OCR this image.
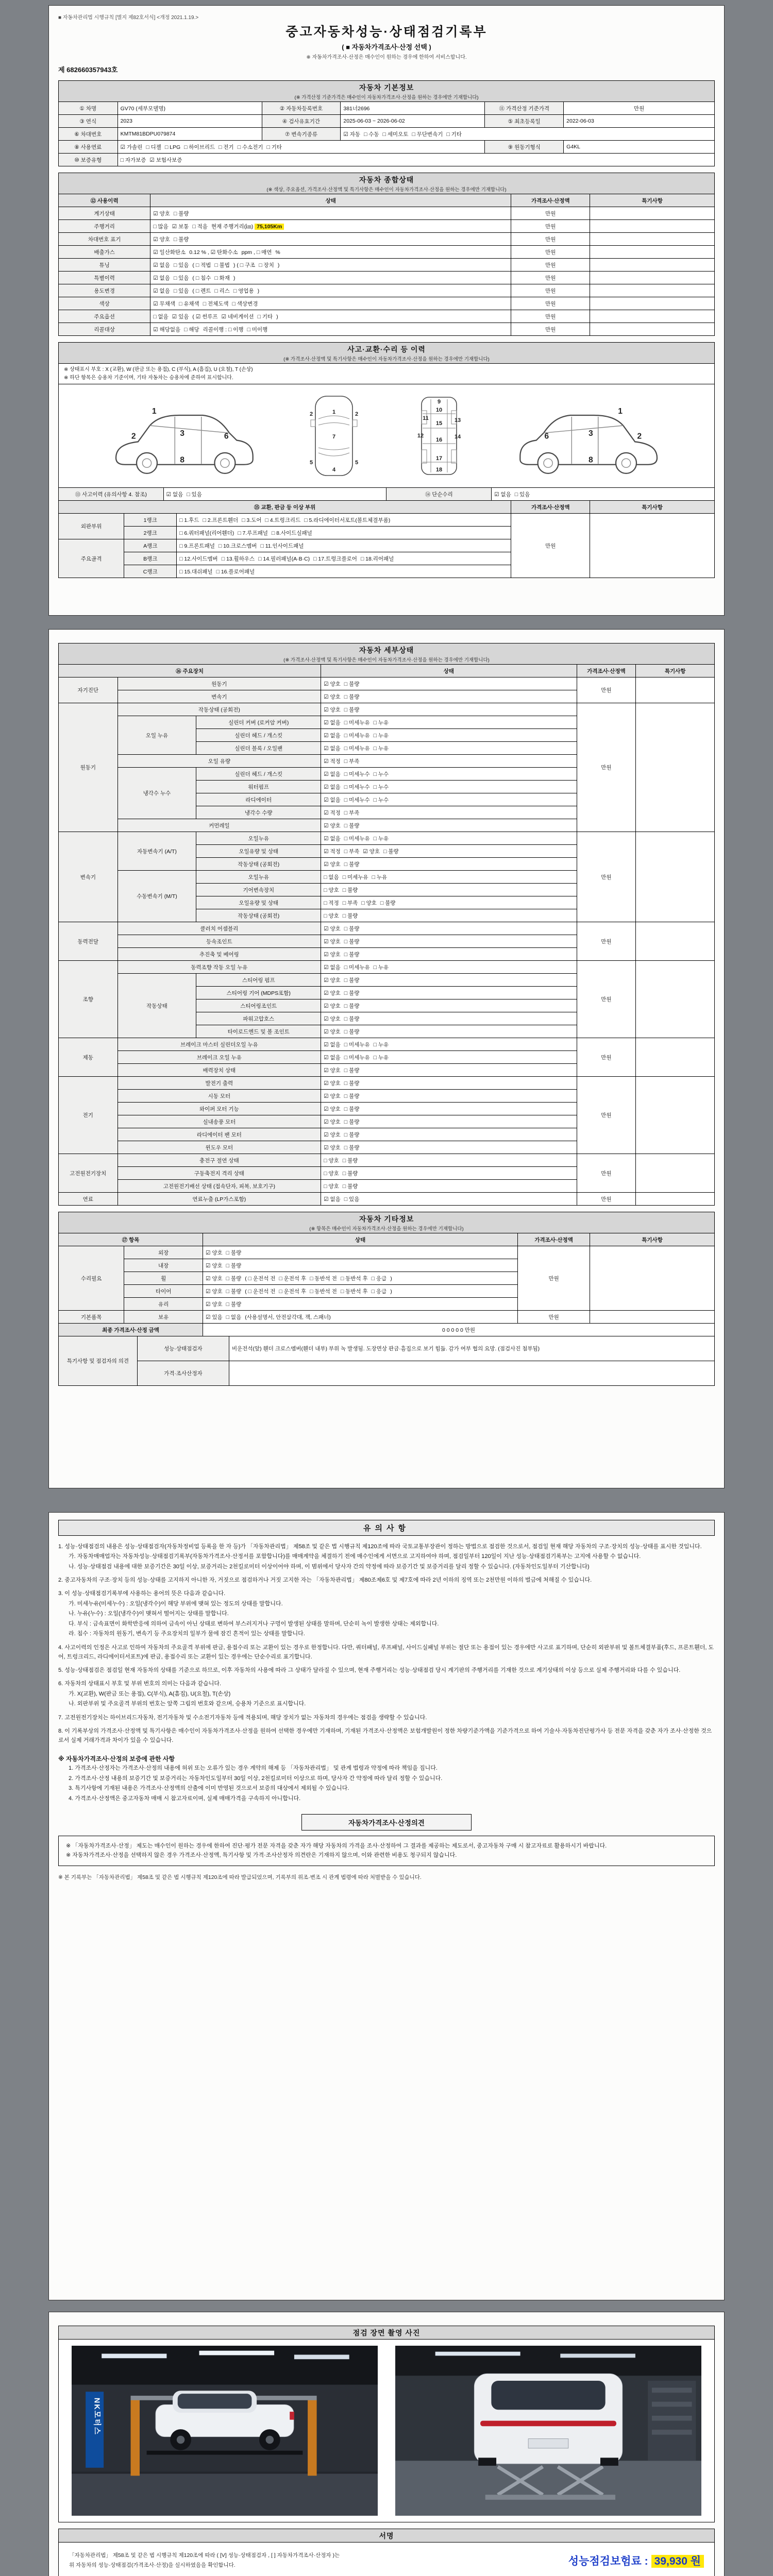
■ 자동차관리법 시행규칙 [별지 제82호서식] <개정 2021.1.19.>
중고자동차성능·상태점검기록부
( ■ 자동차가격조사·산정 선택 )
※ 자동차가격조사·산정은 매수인이 원하는 경우에 한하여 서비스합니다.
제 682660357943호
자동차 기본정보
(※ 가격산정 기준가격은 매수인이 자동차가격조사·산정을 원하는 경우에만 기재합니다)
① 차명	GV70 (세부모델명)	② 자동차등록번호	381너2696	⑪ 가격산정 기준가격	만원
③ 연식	2023	④ 검사유효기간	2025-06-03 ~ 2026-06-02	⑤ 최초등록일	2022-06-03
⑥ 차대번호	KMTM81BDPU079874	⑦ 변속기종류	☑ 자동 □ 수동 □ 세미오토 □ 무단변속기 □ 기타		
⑧ 사용연료	☑ 가솔린 □ 디젤 □ LPG □ 하이브리드 □ 전기 □ 수소전기 □ 기타			⑨ 원동기형식	G4KL
⑩ 보증유형	□ 자가보증 ☑ 보험사보증				
자동차 종합상태
(※ 색상, 주요옵션, 가격조사·산정액 및 특기사항은 매수인이 자동차가격조사·산정을 원하는 경우에만 기재합니다)
⑫ 사용이력	상태	가격조사·산정액	특기사항
계기상태	☑ 양호 □ 불량	만원	
주행거리	□ 많음 ☑ 보통 □ 적음 현재 주행거리(㎞) 75,105Km	만원	
차대번호 표기	☑ 양호 □ 불량	만원	
배출가스	☑ 일산화탄소 0.12 % , ☑ 탄화수소 ppm , □ 매연 %	만원	
튜닝	☑ 없음 □ 있음 ( □ 적법 □ 불법 ) ( □ 구조 □ 장치 )	만원	
특별이력	☑ 없음 □ 있음 ( □ 침수 □ 화재 )	만원	
용도변경	☑ 없음 □ 있음 ( □ 렌트 □ 리스 □ 영업용 )	만원	
색상	☑ 무채색 □ 유채색 □ 전체도색 □ 색상변경	만원	
주요옵션	□ 없음 ☑ 있음 ( ☑ 썬루프 ☑ 네비게이션 □ 기타 )	만원	
리콜대상	☑ 해당없음 □ 해당 리콜이행 : □ 이행 □ 미이행	만원	
사고·교환·수리 등 이력
(※ 가격조사·산정액 및 특기사항은 매수인이 자동차가격조사·산정을 원하는 경우에만 기재합니다)
※ 상태표시 부호 : X (교환), W (판금 또는 용접), C (부식), A (흠집), U (요철), T (손상)
※ 하단 항목은 승용차 기준이며, 기타 자동차는 승용차에 준하여 표시합니다.
1
2	3	6
8
1
2	2
7
5	5
4
9
10
11
15
12
13
14
16
17
18
1
2
3
6
8
⑬ 사고이력 (유의사항 4. 참조)	☑ 없음 □ 있음	⑭ 단순수리	☑ 없음 □ 있음
⑮ 교환, 판금 등 이상 부위			가격조사·산정액	특기사항
외판부위	1랭크	□ 1.후드 □ 2.프론트휀더 □ 3.도어 □ 4.트렁크리드 □ 5.라디에이터서포트(볼트체결부품)	만원	
	2랭크	□ 6.쿼터패널(리어휀더) □ 7.루프패널 □ 8.사이드실패널		
주요골격	A랭크	□ 9.프론트패널 □ 10.크로스멤버 □ 11.인사이드패널		
	B랭크	□ 12.사이드멤버 □ 13.휠하우스 □ 14.필러패널(A·B·C) □ 17.트렁크플로어 □ 18.리어패널		
	C랭크	□ 15.대쉬패널 □ 16.플로어패널		
자동차 세부상태
(※ 가격조사·산정액 및 특기사항은 매수인이 자동차가격조사·산정을 원하는 경우에만 기재합니다)
⑯ 주요장치			상태	가격조사·산정액	특기사항
자기진단	원동기		☑ 양호 □ 불량	만원	
	변속기		☑ 양호 □ 불량		
원동기	작동상태 (공회전)		☑ 양호 □ 불량	만원	
	오일 누유	실린더 커버 (로커암 커버)	☑ 없음 □ 미세누유 □ 누유		
		실린더 헤드 / 개스킷	☑ 없음 □ 미세누유 □ 누유		
		실린더 블록 / 오일팬	☑ 없음 □ 미세누유 □ 누유		
	오일 유량		☑ 적정 □ 부족		
	냉각수 누수	실린더 헤드 / 개스킷	☑ 없음 □ 미세누수 □ 누수		
		워터펌프	☑ 없음 □ 미세누수 □ 누수		
		라디에이터	☑ 없음 □ 미세누수 □ 누수		
		냉각수 수량	☑ 적정 □ 부족		
	커먼레일		☑ 양호 □ 불량		
변속기	자동변속기 (A/T)	오일누유	☑ 없음 □ 미세누유 □ 누유	만원	
		오일유량 및 상태	☑ 적정 □ 부족 ☑ 양호 □ 불량		
		작동상태 (공회전)	☑ 양호 □ 불량		
	수동변속기 (M/T)	오일누유	□ 없음 □ 미세누유 □ 누유		
		기어변속장치	□ 양호 □ 불량		
		오일유량 및 상태	□ 적정 □ 부족 □ 양호 □ 불량		
		작동상태 (공회전)	□ 양호 □ 불량		
동력전달	클러치 어셈블리		☑ 양호 □ 불량	만원	
	등속조인트		☑ 양호 □ 불량		
	추진축 및 베어링		☑ 양호 □ 불량		
조향	동력조향 작동 오일 누유		☑ 없음 □ 미세누유 □ 누유	만원	
	작동상태	스티어링 펌프	☑ 양호 □ 불량		
		스티어링 기어 (MDPS포함)	☑ 양호 □ 불량		
		스티어링조인트	☑ 양호 □ 불량		
		파워고압호스	☑ 양호 □ 불량		
		타이로드엔드 및 볼 조인트	☑ 양호 □ 불량		
제동	브레이크 마스터 실린더오일 누유		☑ 없음 □ 미세누유 □ 누유	만원	
	브레이크 오일 누유		☑ 없음 □ 미세누유 □ 누유		
	배력장치 상태		☑ 양호 □ 불량		
전기	발전기 출력		☑ 양호 □ 불량	만원	
	시동 모터		☑ 양호 □ 불량		
	와이퍼 모터 기능		☑ 양호 □ 불량		
	실내송풍 모터		☑ 양호 □ 불량		
	라디에이터 팬 모터		☑ 양호 □ 불량		
	윈도우 모터		☑ 양호 □ 불량		
고전원전기장치	충전구 절연 상태		□ 양호 □ 불량	만원	
	구동축전지 격리 상태		□ 양호 □ 불량		
	고전원전기배선 상태 (접속단자, 피복, 보호기구)		□ 양호 □ 불량		
연료	연료누출 (LP가스포함)		☑ 없음 □ 있음	만원	
자동차 기타정보
(※ 항목은 매수인이 자동차가격조사·산정을 원하는 경우에만 기재합니다)
⑰ 항목		상태	가격조사·산정액	특기사항
수리필요	외장	☑ 양호 □ 불량	만원	
	내장	☑ 양호 □ 불량		
	휠	☑ 양호 □ 불량 ( □ 운전석 전 □ 운전석 후 □ 동반석 전 □ 동반석 후 □ 응급 )		
	타이어	☑ 양호 □ 불량 ( □ 운전석 전 □ 운전석 후 □ 동반석 전 □ 동반석 후 □ 응급 )		
	유리	☑ 양호 □ 불량		
기본품목	보유	☑ 있음 □ 없음 (사용설명서, 안전삼각대, 잭, 스패너)	만원	
최종 가격조사·산정 금액	0 0 0 0 0 만원
특기사항 및 점검자의 의견	성능·상태점검자	비운전석(앞) 휀더 크로스멤버(휀더 내부) 부위 녹 발생됨. 도장면상 판금·흠집으로 보기 힘듦. 감가 여부 협의 요망. (점검사진 첨부됨)
	가격·조사산정자	
유의사항
1. 성능·상태점검의 내용은 성능·상태점검자(자동차정비업 등록을 한 자 등)가 「자동차관리법」 제58조 및 같은 법 시행규칙 제120조에 따라 국토교통부장관이 정하는 방법으로 점검한 것으로서, 점검일 현재 해당 자동차의 구조·장치의 성능·상태를 표시한 것입니다.
가. 자동차매매업자는 자동차성능·상태점검기록부(자동차가격조사·산정서를 포함합니다)를 매매계약을 체결하기 전에 매수인에게 서면으로 고지하여야 하며, 점검일부터 120일이 지난 성능·상태점검기록부는 고지에 사용할 수 없습니다.
나. 성능·상태점검 내용에 대한 보증기간은 30일 이상, 보증거리는 2천킬로미터 이상이어야 하며, 이 범위에서 당사자 간의 약정에 따라 보증기간 및 보증거리를 달리 정할 수 있습니다. (자동차인도일부터 기산합니다)
2. 중고자동차의 구조·장치 등의 성능·상태를 고지하지 아니한 자, 거짓으로 점검하거나 거짓 고지한 자는 「자동차관리법」 제80조제6호 및 제7호에 따라 2년 이하의 징역 또는 2천만원 이하의 벌금에 처해질 수 있습니다.
3. 이 성능·상태점검기록부에 사용하는 용어의 뜻은 다음과 같습니다.
가. 미세누유(미세누수) : 오일(냉각수)이 해당 부위에 맺혀 있는 정도의 상태를 말합니다.
나. 누유(누수) : 오일(냉각수)이 맺혀서 떨어지는 상태를 말합니다.
다. 부식 : 금속표면이 화학반응에 의하여 금속이 아닌 상태로 변하여 부스러지거나 구멍이 발생된 상태를 말하며, 단순히 녹이 발생한 상태는 제외합니다.
라. 침수 : 자동차의 원동기, 변속기 등 주요장치의 일부가 물에 잠긴 흔적이 있는 상태를 말합니다.
4. 사고이력의 인정은 사고로 인하여 자동차의 주요골격 부위에 판금, 용접수리 또는 교환이 있는 경우로 한정합니다. 다만, 쿼터패널, 루프패널, 사이드실패널 부위는 절단 또는 용접이 있는 경우에만 사고로 표기하며, 단순히 외판부위 및 볼트체결부품(후드, 프론트휀더, 도어, 트렁크리드, 라디에이터서포트)에 판금, 용접수리 또는 교환이 있는 경우에는 단순수리로 표기합니다.
5. 성능·상태점검은 점검일 현재 자동차의 상태를 기준으로 하므로, 이후 자동차의 사용에 따라 그 상태가 달라질 수 있으며, 현재 주행거리는 성능·상태점검 당시 계기판의 주행거리를 기재한 것으로 계기상태의 이상 등으로 실제 주행거리와 다를 수 있습니다.
6. 자동차의 상태표시 부호 및 부위 번호의 의미는 다음과 같습니다.
가. X(교환), W(판금 또는 용접), C(부식), A(흠집), U(요철), T(손상)
나. 외판부위 및 주요골격 부위의 번호는 앞쪽 그림의 번호와 같으며, 승용차 기준으로 표시합니다.
7. 고전원전기장치는 하이브리드자동차, 전기자동차 및 수소전기자동차 등에 적용되며, 해당 장치가 없는 자동차의 경우에는 점검을 생략할 수 있습니다.
8. 이 기록부상의 가격조사·산정액 및 특기사항은 매수인이 자동차가격조사·산정을 원하여 선택한 경우에만 기재하며, 기재된 가격조사·산정액은 보험개발원이 정한 차량기준가액을 기준가격으로 하여 기술사·자동차진단평가사 등 전문 자격을 갖춘 자가 조사·산정한 것으로서 실제 거래가격과 차이가 있을 수 있습니다.
※ 자동차가격조사·산정의 보증에 관한 사항
1. 가격조사·산정자는 가격조사·산정의 내용에 허위 또는 오류가 있는 경우 계약의 해제 등 「자동차관리법」 및 관계 법령과 약정에 따라 책임을 집니다.
2. 가격조사·산정 내용의 보증기간 및 보증거리는 자동차인도일부터 30일 이상, 2천킬로미터 이상으로 하며, 당사자 간 약정에 따라 달리 정할 수 있습니다.
3. 특기사항에 기재된 내용은 가격조사·산정액의 산출에 이미 반영된 것으로서 보증의 대상에서 제외될 수 있습니다.
4. 가격조사·산정액은 중고자동차 매매 시 참고자료이며, 실제 매매가격을 구속하지 아니합니다.
자동차가격조사·산정의견
※ 「자동차가격조사·산정」 제도는 매수인이 원하는 경우에 한하여 진단·평가 전문 자격을 갖춘 자가 해당 자동차의 가격을 조사·산정하여 그 결과를 제공하는 제도로서, 중고자동차 구매 시 참고자료로 활용하시기 바랍니다.
※ 자동차가격조사·산정을 선택하지 않은 경우 가격조사·산정액, 특기사항 및 가격·조사산정자 의견란은 기재하지 않으며, 이와 관련한 비용도 청구되지 않습니다.
※ 본 기록부는 「자동차관리법」 제58조 및 같은 법 시행규칙 제120조에 따라 발급되었으며, 기록부의 위조·변조 시 관계 법령에 따라 처벌받을 수 있습니다.
점검 장면 촬영 사진
NK모터스
서명
「자동차관리법」 제58조 및 같은 법 시행규칙 제120조에 따라 ( [V] 성능·상태점검자 , [ ] 자동차가격조사·산정자 )는
위 자동차의 성능·상태점검(가격조사·산정)을 실시하였음을 확인합니다.	성능점검보험료 : 39,930 원
